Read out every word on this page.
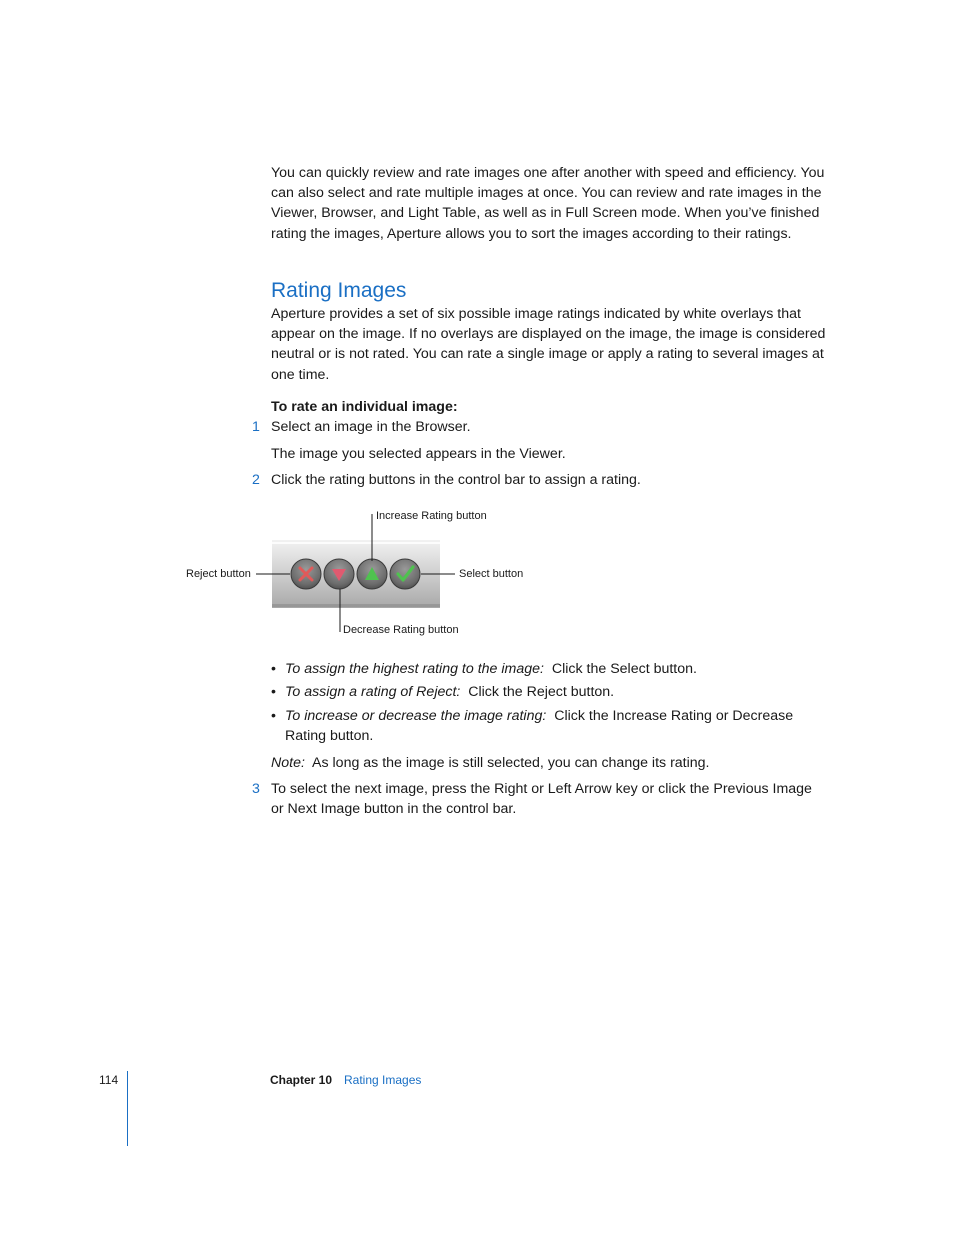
You can quickly review and rate images one after another with speed and efficiency. You can also select and rate multiple images at once. You can review and rate images in the Viewer, Browser, and Light Table, as well as in Full Screen mode. When you’ve finished rating the images, Aperture allows you to sort the images according to their ratings.
Rating Images
Aperture provides a set of six possible image ratings indicated by white overlays that appear on the image. If no overlays are displayed on the image, the image is considered neutral or is not rated. You can rate a single image or apply a rating to several images at one time.
To rate an individual image:
1 Select an image in the Browser.
The image you selected appears in the Viewer.
2 Click the rating buttons in the control bar to assign a rating.
Increase Rating button
Reject button	Select button
Decrease Rating button
• To assign the highest rating to the image: Click the Select button.
• To assign a rating of Reject: Click the Reject button.
• To increase or decrease the image rating: Click the Increase Rating or Decrease Rating button.
Note: As long as the image is still selected, you can change its rating.
3 To select the next image, press the Right or Left Arrow key or click the Previous Image or Next Image button in the control bar.
114	Chapter 10 Rating Images
